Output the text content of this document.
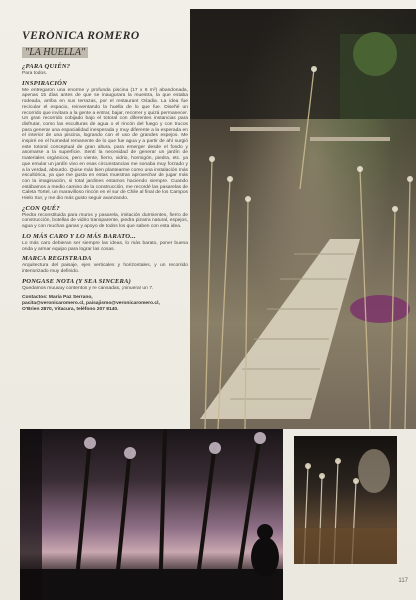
VERÓNICA ROMERO
"LA HUELLA"
¿PARA QUIÉN?
Para todos.
INSPIRACIÓN
Me entregaron una enorme y profunda piscina (17 x 6 m²) abandonada, apenas 15 días antes de que se inaugurara la muestra, la que estaba rodeada, arriba en sus terrazas, por el restaurant Ośadia. La idea fue recicular el espacio, reinventando la huella de lo que fue. Diseñé un recorrido que invitara a la gente a entrar, bajar, recorrer y quizá permanecer. Un gran recorrido cobijado bajo el totoral con diferentes instancias para disfrutar, como las esculturas de agua o el rincón del fuego y con trucos para generar una espacialidad inesperada y muy diferente a la esperada en el interior de una piscina, logrando con el uso de grandes espejos. Me inspiré en el humedal remanente de lo que fue agua y a partir de ahí surgió este totoral conceptual de gran altura, para emerger desde el fondo y asomarse a la superficie. Sentí la necesidad de generar un jardín de materiales orgánicos, pero viente, fierro, vidrio, hormigón, piedra, etc. ya que emular un jardín vivo en esas circunstancias me sonaba muy forzado y a la verdad, absurdo. Quise más bien plantearme como una instalación más escultórica, ya que me gusta en estas muestras aprovechar de jugar más con la imaginación, si total jardines estamos haciendo siempre. Cuando estábamos a medio camino de la construcción, me recordé las pasarelas de Caleta Tortel, un maravilloso rincón en el sur de Chile al final de los Campos Hielo Sur, y me dio más gusto seguir avanzando.
¿CON QUÉ?
Piedra reconstituida para muros y pasarela, imitación durmientes, fierro de construcción, botellas de vidrio transparente, piedra pizarra natural, espejos, agua y con muchas ganas y apoyo de todos los que saben con esta idea.
LO MÁS CARO Y LO MÁS BARATO...
Lo más caro debieran ser siempre las ideas, lo más barato, poner buena onda y armar equipo para lograr las cosas.
MARCA REGISTRADA
Arquitectura del paisaje, ejes verticales y horizontales, y un recorrido interiorizado muy definido.
PONGASE NOTA (Y SEA SINCERA)
Quedamos muuuuy contentos y re cansadas, ¡ninuera! un 7.
Contactos: María Paz Serrano,
pacita@veronicaromero.cl, paisajismo@veronicaromero.cl,
O'Brien 2870, Vitacura, teléfono 207 8140.
117
